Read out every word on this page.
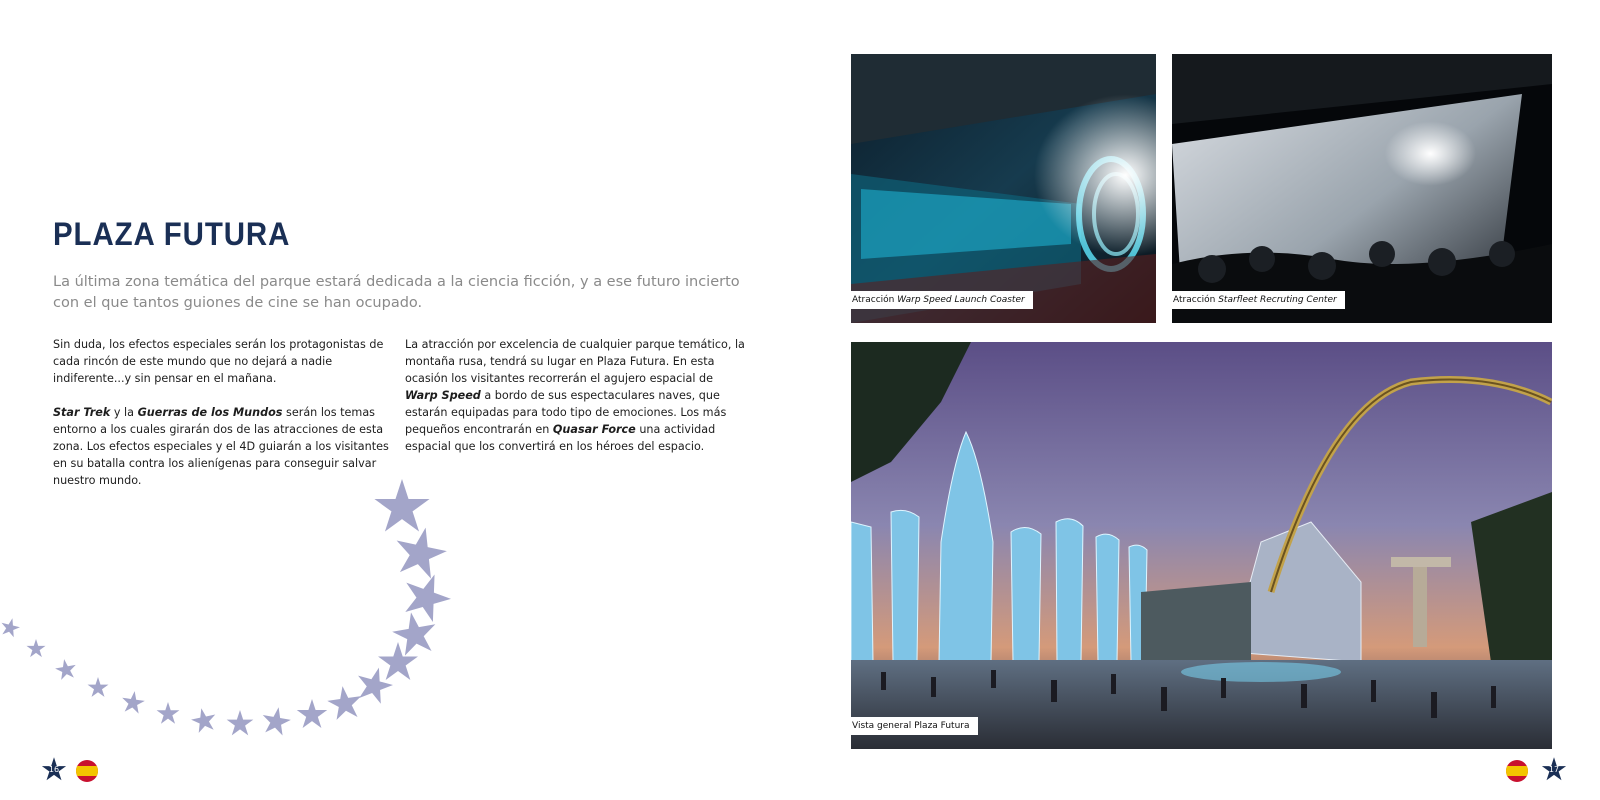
PLAZA FUTURA

La última zona temática del parque estará dedicada a la ciencia ficción, y a ese futuro incierto con el que tantos guiones de cine se han ocupado.

Sin duda, los efectos especiales serán los protagonistas de cada rincón de este mundo que no dejará a nadie indiferente...y sin pensar en el mañana.

Star Trek y la Guerras de los Mundos serán los temas entorno a los cuales girarán dos de las atracciones de esta zona. Los efectos especiales y el 4D guiarán a los visitantes en su batalla contra los alienígenas para conseguir salvar nuestro mundo.

La atracción por excelencia de cualquier parque temático, la montaña rusa, tendrá su lugar en Plaza Futura. En esta ocasión los visitantes recorrerán el agujero espacial de Warp Speed a bordo de sus espectaculares naves, que estarán equipadas para todo tipo de emociones. Los más pequeños encontrarán en Quasar Force una actividad espacial que los convertirá en los héroes del espacio.

Atracción Warp Speed Launch Coaster	Atracción Starfleet Recruting Center
Vista general Plaza Futura
16	17
